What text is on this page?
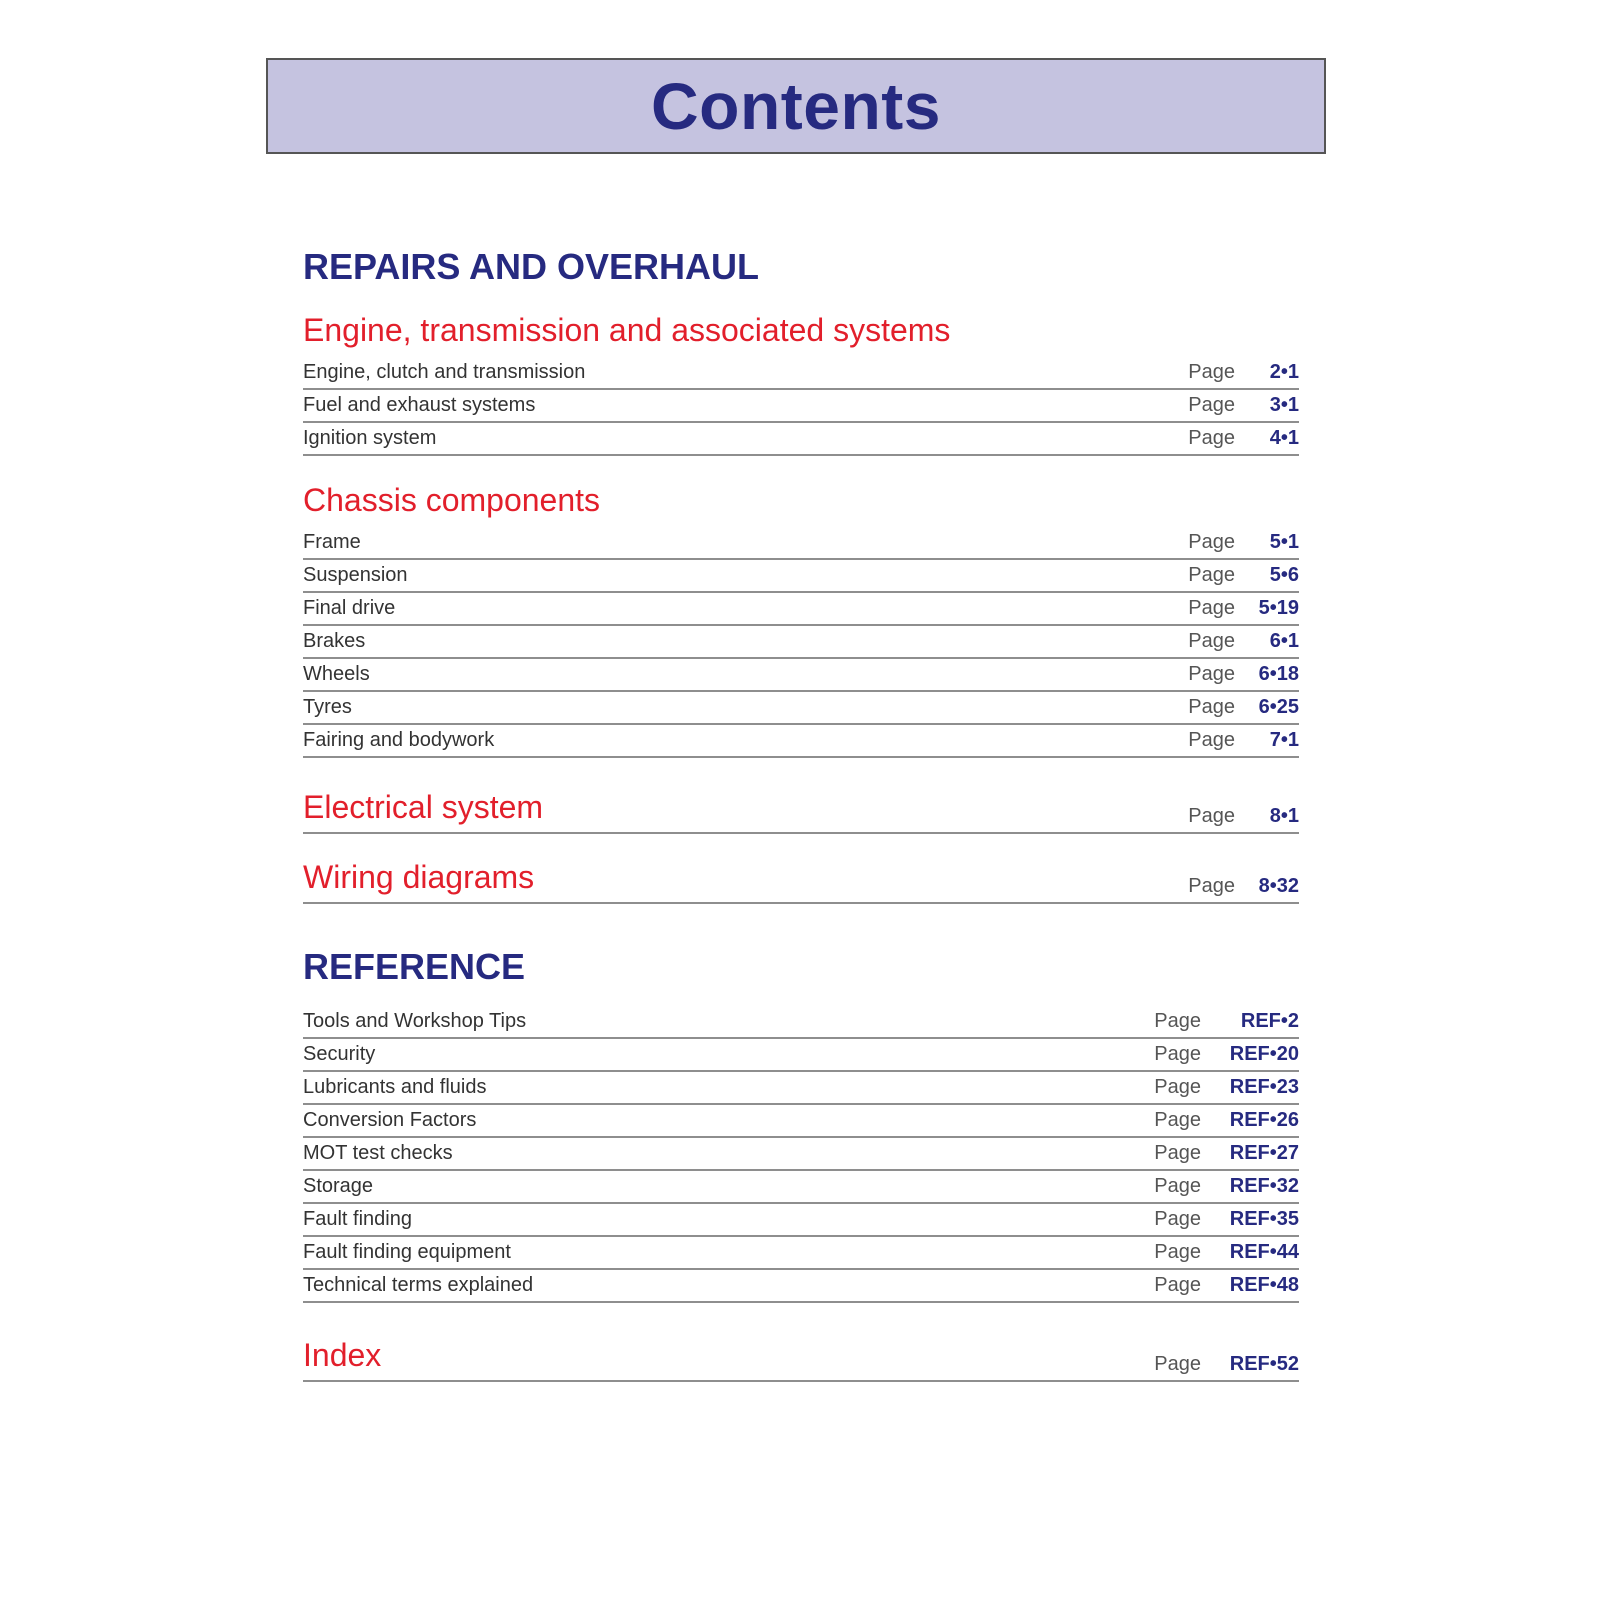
Contents
REPAIRS AND OVERHAUL
Engine, transmission and associated systems
Engine, clutch and transmission	Page 2•1
Fuel and exhaust systems	Page 3•1
Ignition system	Page 4•1
Chassis components
Frame	Page 5•1
Suspension	Page 5•6
Final drive	Page 5•19
Brakes	Page 6•1
Wheels	Page 6•18
Tyres	Page 6•25
Fairing and bodywork	Page 7•1
Electrical system	Page 8•1
Wiring diagrams	Page 8•32
REFERENCE
Tools and Workshop Tips	Page REF•2
Security	Page REF•20
Lubricants and fluids	Page REF•23
Conversion Factors	Page REF•26
MOT test checks	Page REF•27
Storage	Page REF•32
Fault finding	Page REF•35
Fault finding equipment	Page REF•44
Technical terms explained	Page REF•48
Index	Page REF•52
